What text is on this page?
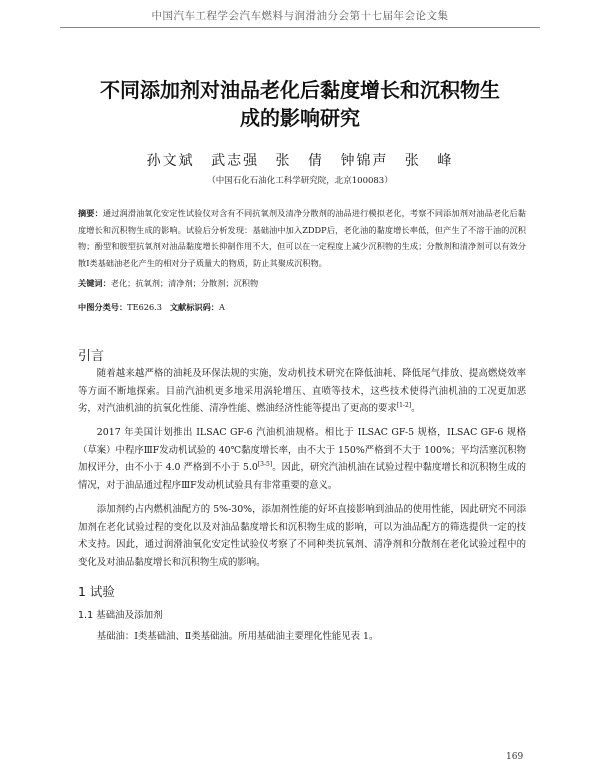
中国汽车工程学会汽车燃料与润滑油分会第十七届年会论文集
不同添加剂对油品老化后黏度增长和沉积物生
成的影响研究
孙文斌 武志强 张 倩 钟锦声 张 峰
（中国石化石油化工科学研究院，北京100083）
摘要：通过润滑油氧化安定性试验仪对含有不同抗氧剂及清净分散剂的油品进行模拟老化，考察不同添加剂对油品老化后黏度增长和沉积物生成的影响。试验后分析发现：基础油中加入ZDDP后，老化油的黏度增长率低，但产生了不溶于油的沉积物；酚型和胺型抗氧剂对油品黏度增长抑制作用不大，但可以在一定程度上减少沉积物的生成；分散剂和清净剂可以有效分散Ⅰ类基础油老化产生的相对分子质量大的物质，防止其聚成沉积物。
关键词：老化；抗氧剂；清净剂；分散剂；沉积物
中图分类号：TE626.3 文献标识码：A
引言
随着越来越严格的油耗及环保法规的实施，发动机技术研究在降低油耗、降低尾气排放、提高燃烧效率等方面不断地探索。目前汽油机更多地采用涡轮增压、直喷等技术，这些技术使得汽油机油的工况更加恶劣，对汽油机油的抗氧化性能、清净性能、燃油经济性能等提出了更高的要求[1-2]。
2017 年美国计划推出 ILSAC GF-6 汽油机油规格。相比于 ILSAC GF-5 规格，ILSAC GF-6 规格（草案）中程序ⅢF发动机试验的 40℃黏度增长率，由不大于 150%严格到不大于 100%；平均活塞沉积物加权评分，由不小于 4.0 严格到不小于 5.0[3-5]。因此，研究汽油机油在试验过程中黏度增长和沉积物生成的情况，对于油品通过程序ⅢF发动机试验具有非常重要的意义。
添加剂约占内燃机油配方的 5%-30%，添加剂性能的好坏直接影响到油品的使用性能，因此研究不同添加剂在老化试验过程的变化以及对油品黏度增长和沉积物生成的影响，可以为油品配方的筛选提供一定的技术支持。因此，通过润滑油氧化安定性试验仪考察了不同种类抗氧剂、清净剂和分散剂在老化试验过程中的变化及对油品黏度增长和沉积物生成的影响。
1 试验
1.1 基础油及添加剂
基础油：Ⅰ类基础油、Ⅱ类基础油。所用基础油主要理化性能见表 1。
169
